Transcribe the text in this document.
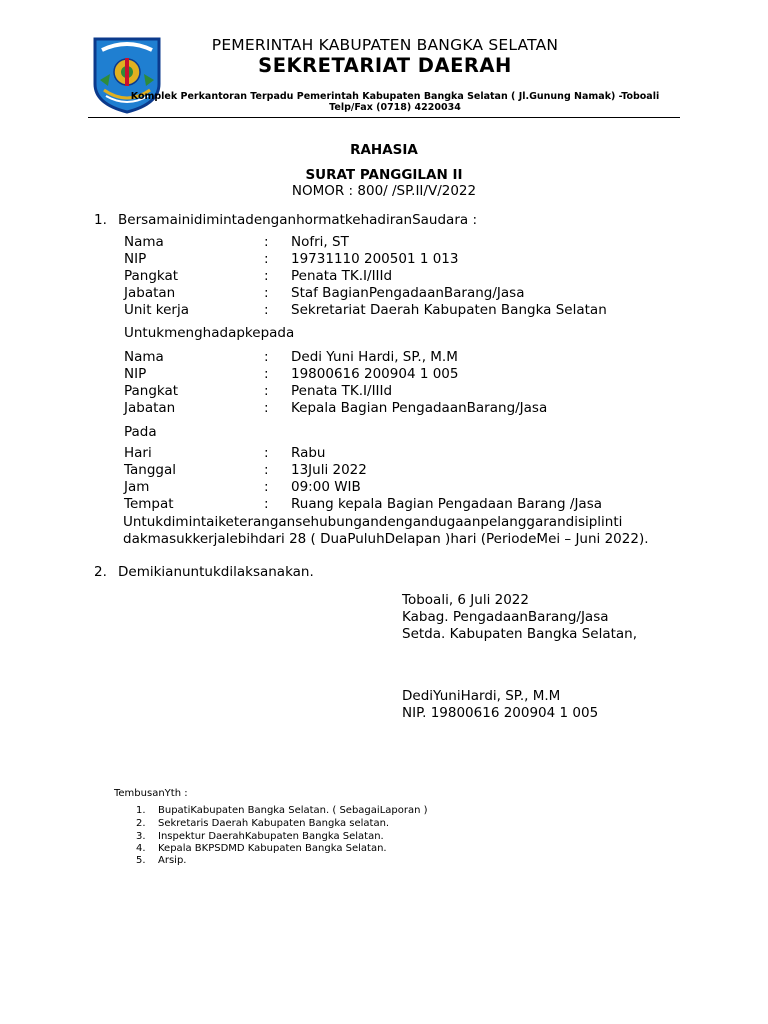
PEMERINTAH KABUPATEN BANGKA SELATAN
SEKRETARIAT DAERAH
Komplek Perkantoran Terpadu Pemerintah Kabupaten Bangka Selatan ( Jl.Gunung Namak) -Toboali
Telp/Fax (0718) 4220034
RAHASIA
SURAT PANGGILAN II
NOMOR : 800/ /SP.II/V/2022
1. BersamainidimintadenganhormatkehadiranSaudara :
Nama	: Nofri, ST
NIP	: 19731110 200501 1 013
Pangkat	: Penata TK.I/IIId
Jabatan	: Staf BagianPengadaanBarang/Jasa
Unit kerja	: Sekretariat Daerah Kabupaten Bangka Selatan
Untukmenghadapkepada
Nama	: Dedi Yuni Hardi, SP., M.M
NIP	: 19800616 200904 1 005
Pangkat	: Penata TK.I/IIId
Jabatan	: Kepala Bagian PengadaanBarang/Jasa
Pada
Hari	: Rabu
Tanggal	: 13Juli 2022
Jam	: 09:00 WIB
Tempat	: Ruang kepala Bagian Pengadaan Barang /Jasa
Untukdimintaiketerangansehubungandengandugaanpelanggarandisiplinti dakmasukkerjalebihdari 28 ( DuaPuluhDelapan )hari (PeriodeMei – Juni 2022).
2. Demikianuntukdilaksanakan.
Toboali, 6 Juli 2022
Kabag. PengadaanBarang/Jasa
Setda. Kabupaten Bangka Selatan,
DediYuniHardi, SP., M.M
NIP. 19800616 200904 1 005
TembusanYth :
1. BupatiKabupaten Bangka Selatan. ( SebagaiLaporan )
2. Sekretaris Daerah Kabupaten Bangka selatan.
3. Inspektur DaerahKabupaten Bangka Selatan.
4. Kepala BKPSDMD Kabupaten Bangka Selatan.
5. Arsip.
